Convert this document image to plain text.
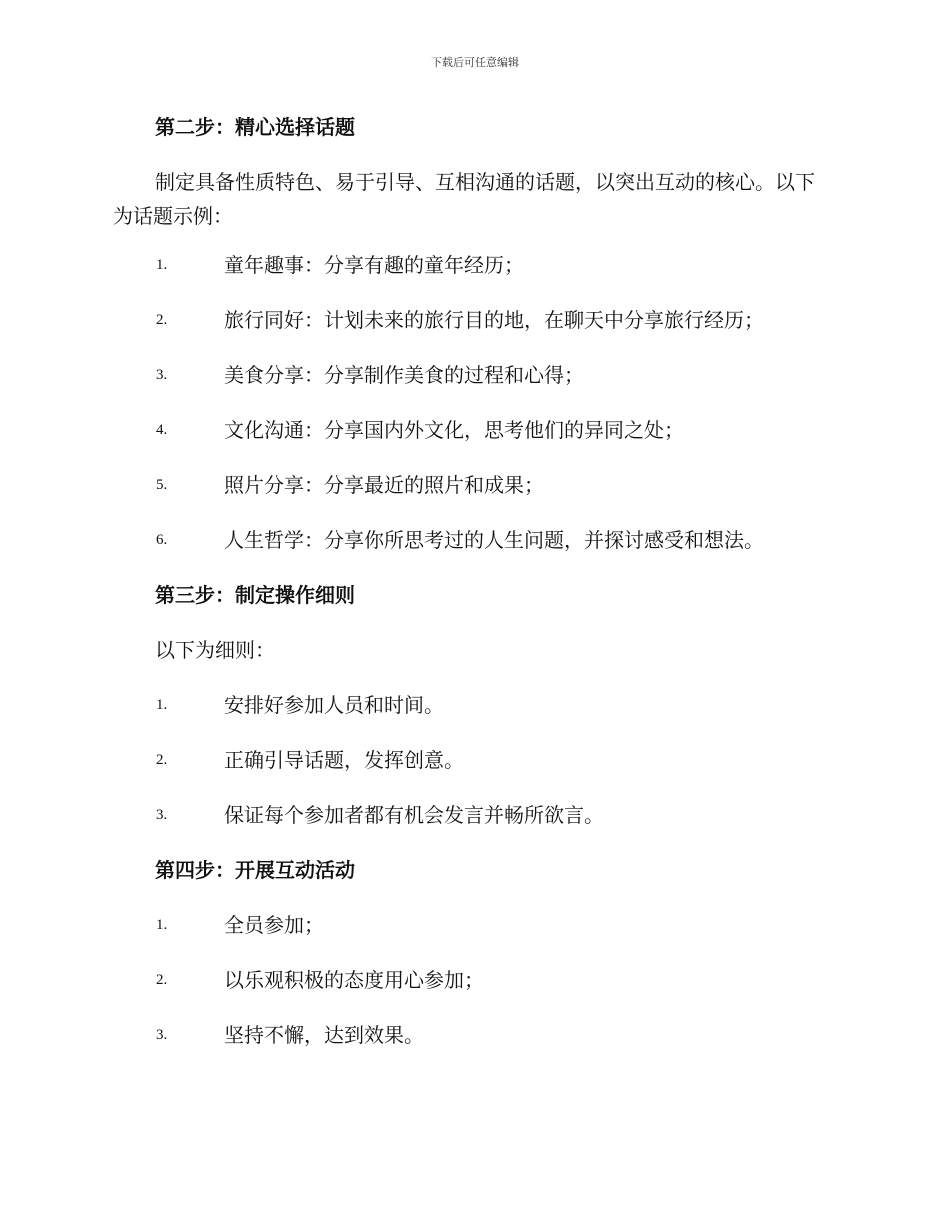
下载后可任意编辑
第二步：精心选择话题

制定具备性质特色、易于引导、互相沟通的话题，以突出互动的核心。以下为话题示例：

1.	童年趣事：分享有趣的童年经历；
2.	旅行同好：计划未来的旅行目的地，在聊天中分享旅行经历；
3.	美食分享：分享制作美食的过程和心得；
4.	文化沟通：分享国内外文化，思考他们的异同之处；
5.	照片分享：分享最近的照片和成果；
6.	人生哲学：分享你所思考过的人生问题，并探讨感受和想法。
第三步：制定操作细则
以下为细则：
1.	安排好参加人员和时间。
2.	正确引导话题，发挥创意。
3.	保证每个参加者都有机会发言并畅所欲言。
第四步：开展互动活动
1.	全员参加；
2.	以乐观积极的态度用心参加；
3.	坚持不懈，达到效果。
